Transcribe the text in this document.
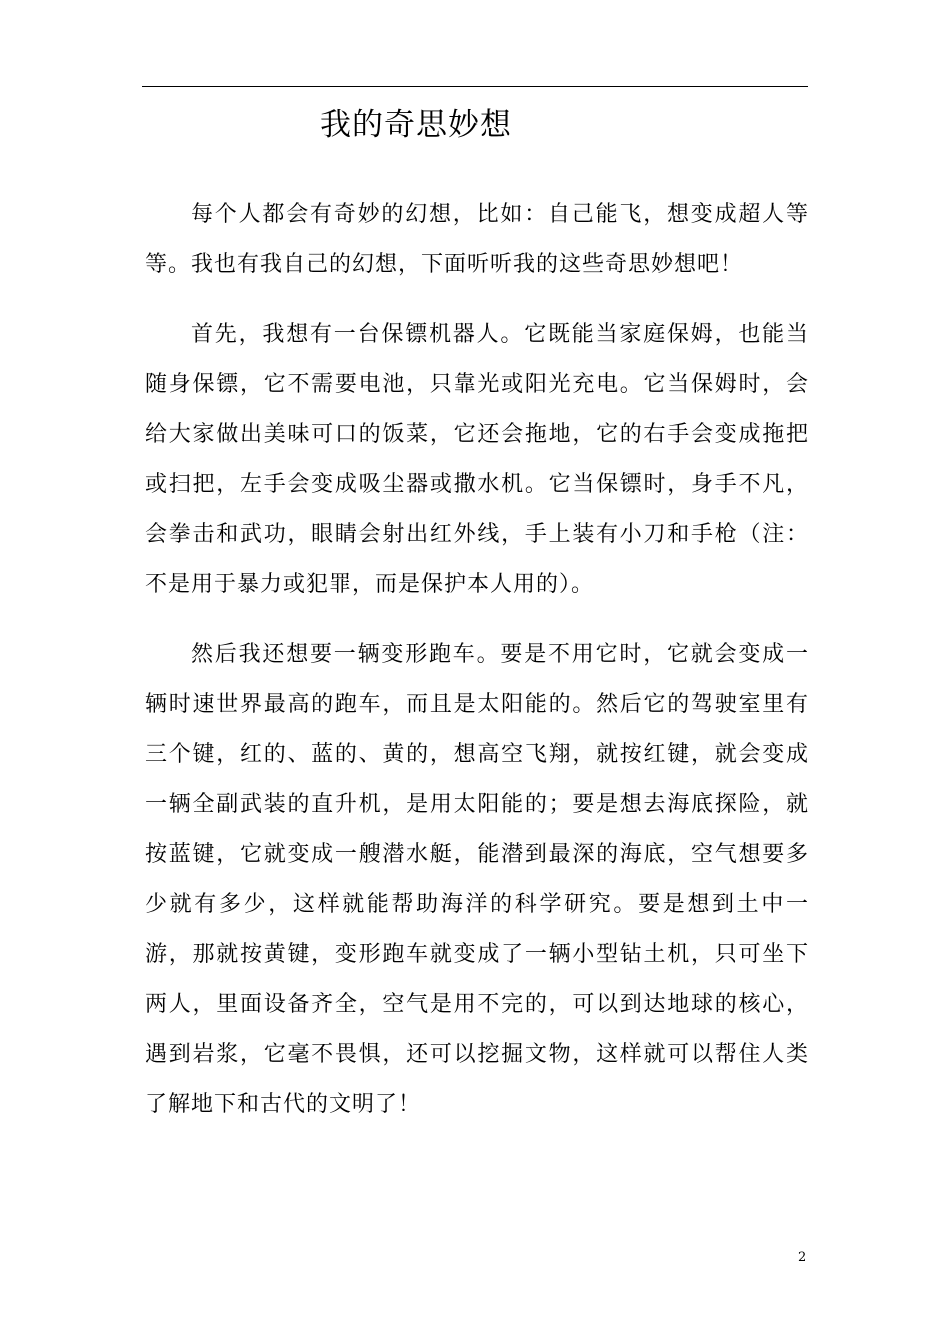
我的奇思妙想

每个人都会有奇妙的幻想，比如：自己能飞，想变成超人等等。我也有我自己的幻想，下面听听我的这些奇思妙想吧！

首先，我想有一台保镖机器人。它既能当家庭保姆，也能当随身保镖，它不需要电池，只靠光或阳光充电。它当保姆时，会给大家做出美味可口的饭菜，它还会拖地，它的右手会变成拖把或扫把，左手会变成吸尘器或撒水机。它当保镖时，身手不凡，会拳击和武功，眼睛会射出红外线，手上装有小刀和手枪（注：不是用于暴力或犯罪，而是保护本人用的）。

然后我还想要一辆变形跑车。要是不用它时，它就会变成一辆时速世界最高的跑车，而且是太阳能的。然后它的驾驶室里有三个键，红的、蓝的、黄的，想高空飞翔，就按红键，就会变成一辆全副武装的直升机，是用太阳能的；要是想去海底探险，就按蓝键，它就变成一艘潜水艇，能潜到最深的海底，空气想要多少就有多少，这样就能帮助海洋的科学研究。要是想到土中一游，那就按黄键，变形跑车就变成了一辆小型钻土机，只可坐下两人，里面设备齐全，空气是用不完的，可以到达地球的核心，遇到岩浆，它毫不畏惧，还可以挖掘文物，这样就可以帮住人类了解地下和古代的文明了！

2
